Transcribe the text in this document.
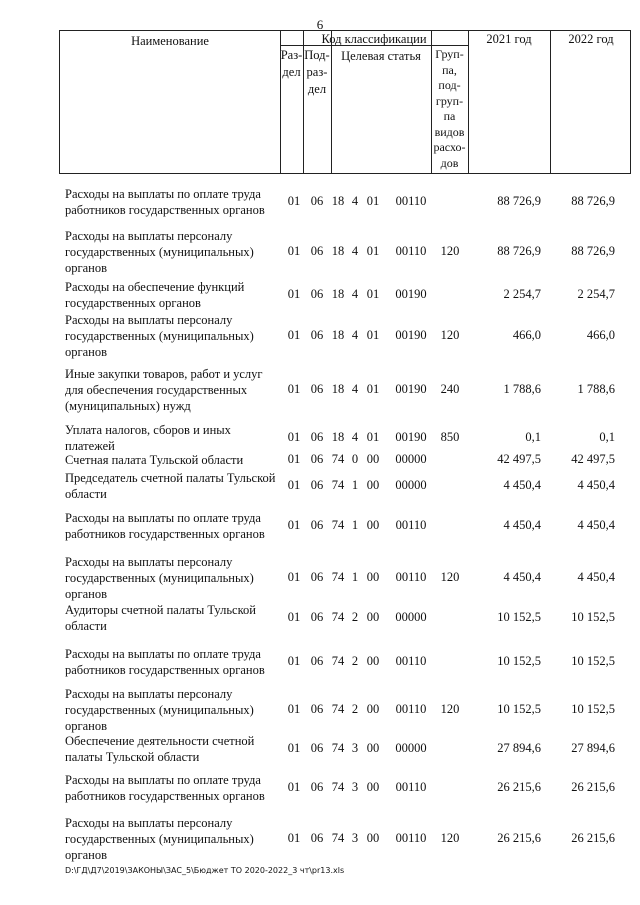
6
Наименование	Код классификации
Раз-
дел
Под-
раз-
дел
Целевая статья	Груп-
па,
под-
груп-
па
видов
расхо-
дов
2021 год	2022 год
Расходы на выплаты по оплате труда работников государственных органов
01 06 18 4 01 00110	88 726,9	88 726,9
Расходы на выплаты персоналу государственных (муниципальных) органов
01 06 18 4 01 00110 120	88 726,9	88 726,9
Расходы на обеспечение функций государственных органов
01 06 18 4 01 00190	2 254,7	2 254,7
Расходы на выплаты персоналу государственных (муниципальных) органов
01 06 18 4 01 00190 120	466,0	466,0
Иные закупки товаров, работ и услуг для обеспечения государственных (муниципальных) нужд
01 06 18 4 01 00190 240	1 788,6	1 788,6
Уплата налогов, сборов и иных платежей
01 06 18 4 01 00190 850	0,1	0,1
Счетная палата Тульской области	01 06 74 0 00 00000	42 497,5	42 497,5
Председатель счетной палаты Тульской области
01 06 74 1 00 00000	4 450,4	4 450,4
Расходы на выплаты по оплате труда работников государственных органов
01 06 74 1 00 00110	4 450,4	4 450,4
Расходы на выплаты персоналу государственных (муниципальных) органов
01 06 74 1 00 00110 120	4 450,4	4 450,4
Аудиторы счетной палаты Тульской области
01 06 74 2 00 00000	10 152,5	10 152,5
Расходы на выплаты по оплате труда работников государственных органов
01 06 74 2 00 00110	10 152,5	10 152,5
Расходы на выплаты персоналу государственных (муниципальных) органов
01 06 74 2 00 00110 120	10 152,5	10 152,5
Обеспечение деятельности счетной палаты Тульской области
01 06 74 3 00 00000	27 894,6	27 894,6
Расходы на выплаты по оплате труда работников государственных органов
01 06 74 3 00 00110	26 215,6	26 215,6
Расходы на выплаты персоналу государственных (муниципальных) органов
01 06 74 3 00 00110 120	26 215,6	26 215,6
D:\ГД\Д7\2019\ЗАКОНЫ\ЗАС_5\Бюджет ТО 2020-2022_3 чт\pr13.xls
